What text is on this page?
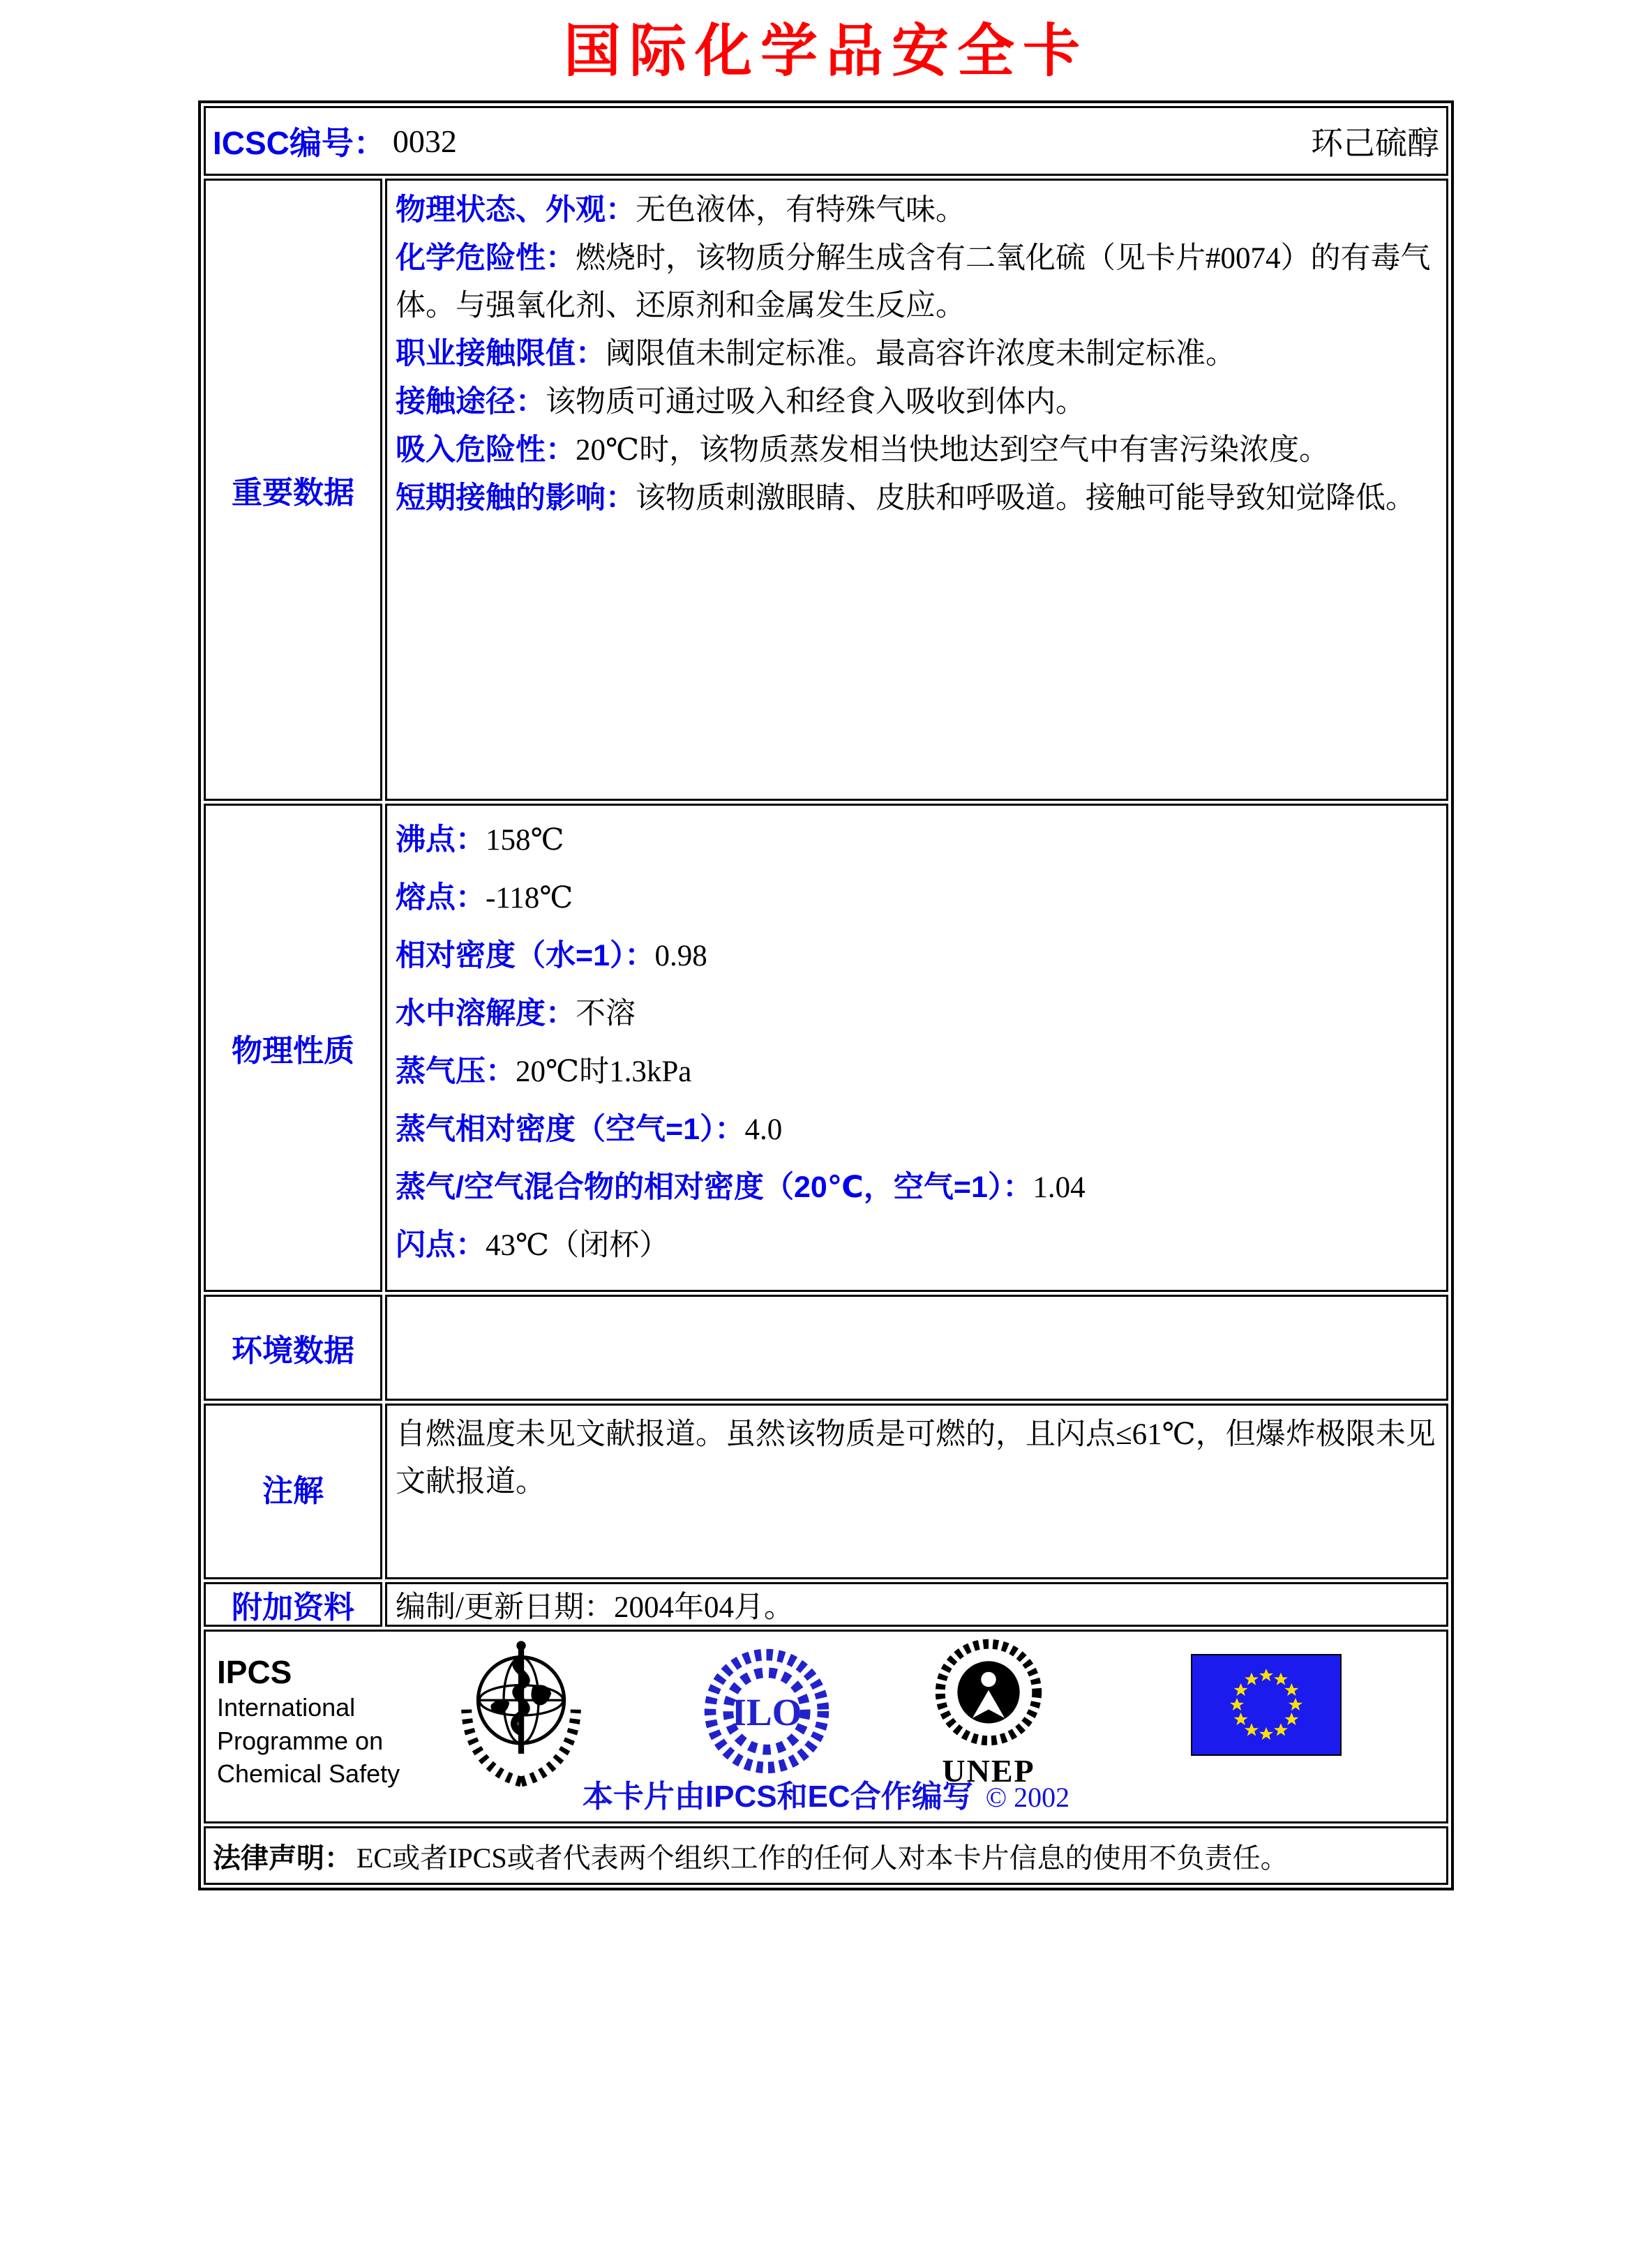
国际化学品安全卡
ICSC编号： 0032	环己硫醇
重要数据
物理状态、外观：无色液体，有特殊气味。
化学危险性：燃烧时，该物质分解生成含有二氧化硫（见卡片#0074）的有毒气体。与强氧化剂、还原剂和金属发生反应。
职业接触限值：阈限值未制定标准。最高容许浓度未制定标准。
接触途径：该物质可通过吸入和经食入吸收到体内。
吸入危险性：20℃时，该物质蒸发相当快地达到空气中有害污染浓度。
短期接触的影响：该物质刺激眼睛、皮肤和呼吸道。接触可能导致知觉降低。
物理性质
沸点：158℃
熔点：-118℃
相对密度（水=1）：0.98
水中溶解度：不溶
蒸气压：20℃时1.3kPa
蒸气相对密度（空气=1）：4.0
蒸气/空气混合物的相对密度（20℃，空气=1）：1.04
闪点：43℃（闭杯）
环境数据
注解
自燃温度未见文献报道。虽然该物质是可燃的，且闪点≤61℃，但爆炸极限未见文献报道。
附加资料	编制/更新日期：2004年04月。
IPCS
International
Programme on
Chemical Safety
ILO
UNEP
本卡片由IPCS和EC合作编写 © 2002
法律声明： EC或者IPCS或者代表两个组织工作的任何人对本卡片信息的使用不负责任。
